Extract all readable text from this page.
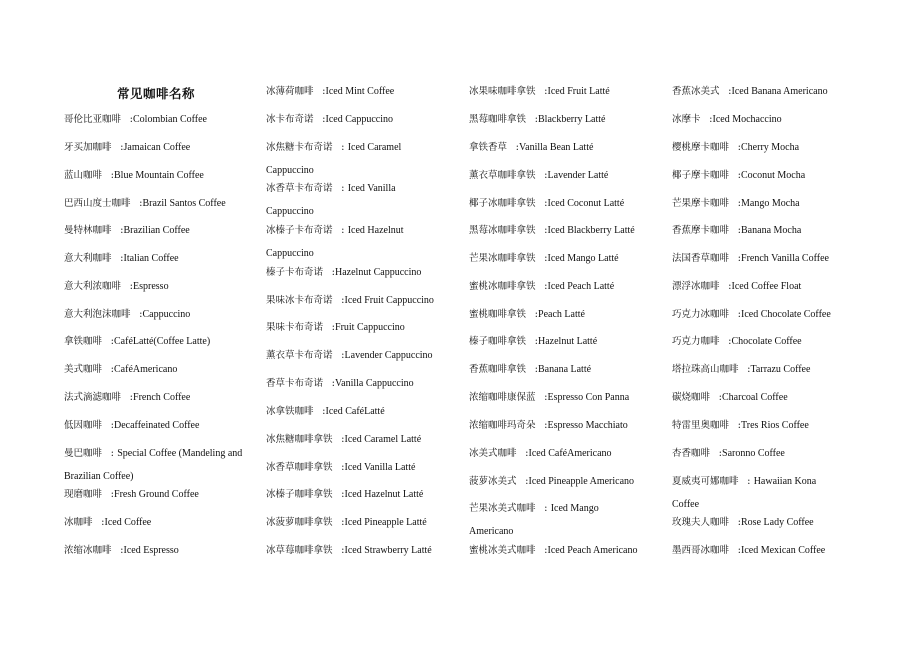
常见咖啡名称
哥伦比亚咖啡 :Colombian Coffee
牙买加咖啡 :Jamaican Coffee
蓝山咖啡 :Blue Mountain Coffee
巴西山度士咖啡 :Brazil Santos Coffee
曼特林咖啡 :Brazilian Coffee
意大利咖啡 :Italian Coffee
意大利浓咖啡 :Espresso
意大利泡沫咖啡 :Cappuccino
拿铁咖啡 :CaféLatté(Coffee Latte)
美式咖啡 :CaféAmericano
法式滴滤咖啡 :French Coffee
低因咖啡 :Decaffeinated Coffee
曼巴咖啡 : Special Coffee (Mandeling and Brazilian Coffee)
现磨咖啡 :Fresh Ground Coffee
冰咖啡 :Iced Coffee
浓缩冰咖啡 :Iced Espresso
冰薄荷咖啡 :Iced Mint Coffee
冰卡布奇诺 :Iced Cappuccino
冰焦糖卡布奇诺 : Iced Caramel Cappuccino
冰香草卡布奇诺 : Iced Vanilla Cappuccino
冰榛子卡布奇诺 : Iced Hazelnut Cappuccino
榛子卡布奇诺 :Hazelnut Cappuccino
果味冰卡布奇诺 :Iced Fruit Cappuccino
果味卡布奇诺 :Fruit Cappuccino
薰衣草卡布奇诺 :Lavender Cappuccino
香草卡布奇诺 :Vanilla Cappuccino
冰拿铁咖啡 :Iced CaféLatté
冰焦糖咖啡拿铁 :Iced Caramel Latté
冰香草咖啡拿铁 :Iced Vanilla Latté
冰榛子咖啡拿铁 :Iced Hazelnut Latté
冰菠萝咖啡拿铁 :Iced Pineapple Latté
冰草莓咖啡拿铁 :Iced Strawberry Latté
冰果味咖啡拿铁 :Iced Fruit Latté
黑莓咖啡拿铁 :Blackberry Latté
拿铁香草 :Vanilla Bean Latté
薰衣草咖啡拿铁 :Lavender Latté
椰子冰咖啡拿铁 :Iced Coconut Latté
黑莓冰咖啡拿铁 :Iced Blackberry Latté
芒果冰咖啡拿铁 :Iced Mango Latté
蜜桃冰咖啡拿铁 :Iced Peach Latté
蜜桃咖啡拿铁 :Peach Latté
榛子咖啡拿铁 :Hazelnut Latté
香蕉咖啡拿铁 :Banana Latté
浓缩咖啡康保蓝 :Espresso Con Panna
浓缩咖啡玛奇朵 :Espresso Macchiato
冰美式咖啡 :Iced CaféAmericano
菠萝冰美式 :Iced Pineapple Americano
芒果冰美式咖啡 : Iced Mango Americano
蜜桃冰美式咖啡 :Iced Peach Americano
香蕉冰美式 :Iced Banana Americano
冰摩卡 :Iced Mochaccino
樱桃摩卡咖啡 :Cherry Mocha
椰子摩卡咖啡 :Coconut Mocha
芒果摩卡咖啡 :Mango Mocha
香蕉摩卡咖啡 :Banana Mocha
法国香草咖啡 :French Vanilla Coffee
漂浮冰咖啡 :Iced Coffee Float
巧克力冰咖啡 :Iced Chocolate Coffee
巧克力咖啡 :Chocolate Coffee
塔拉珠高山咖啡 :Tarrazu Coffee
碳烧咖啡 :Charcoal Coffee
特雷里奥咖啡 :Tres Rios Coffee
杏香咖啡 :Saronno Coffee
夏威夷可娜咖啡 : Hawaiian Kona Coffee
玫瑰夫人咖啡 :Rose Lady Coffee
墨西哥冰咖啡 :Iced Mexican Coffee
